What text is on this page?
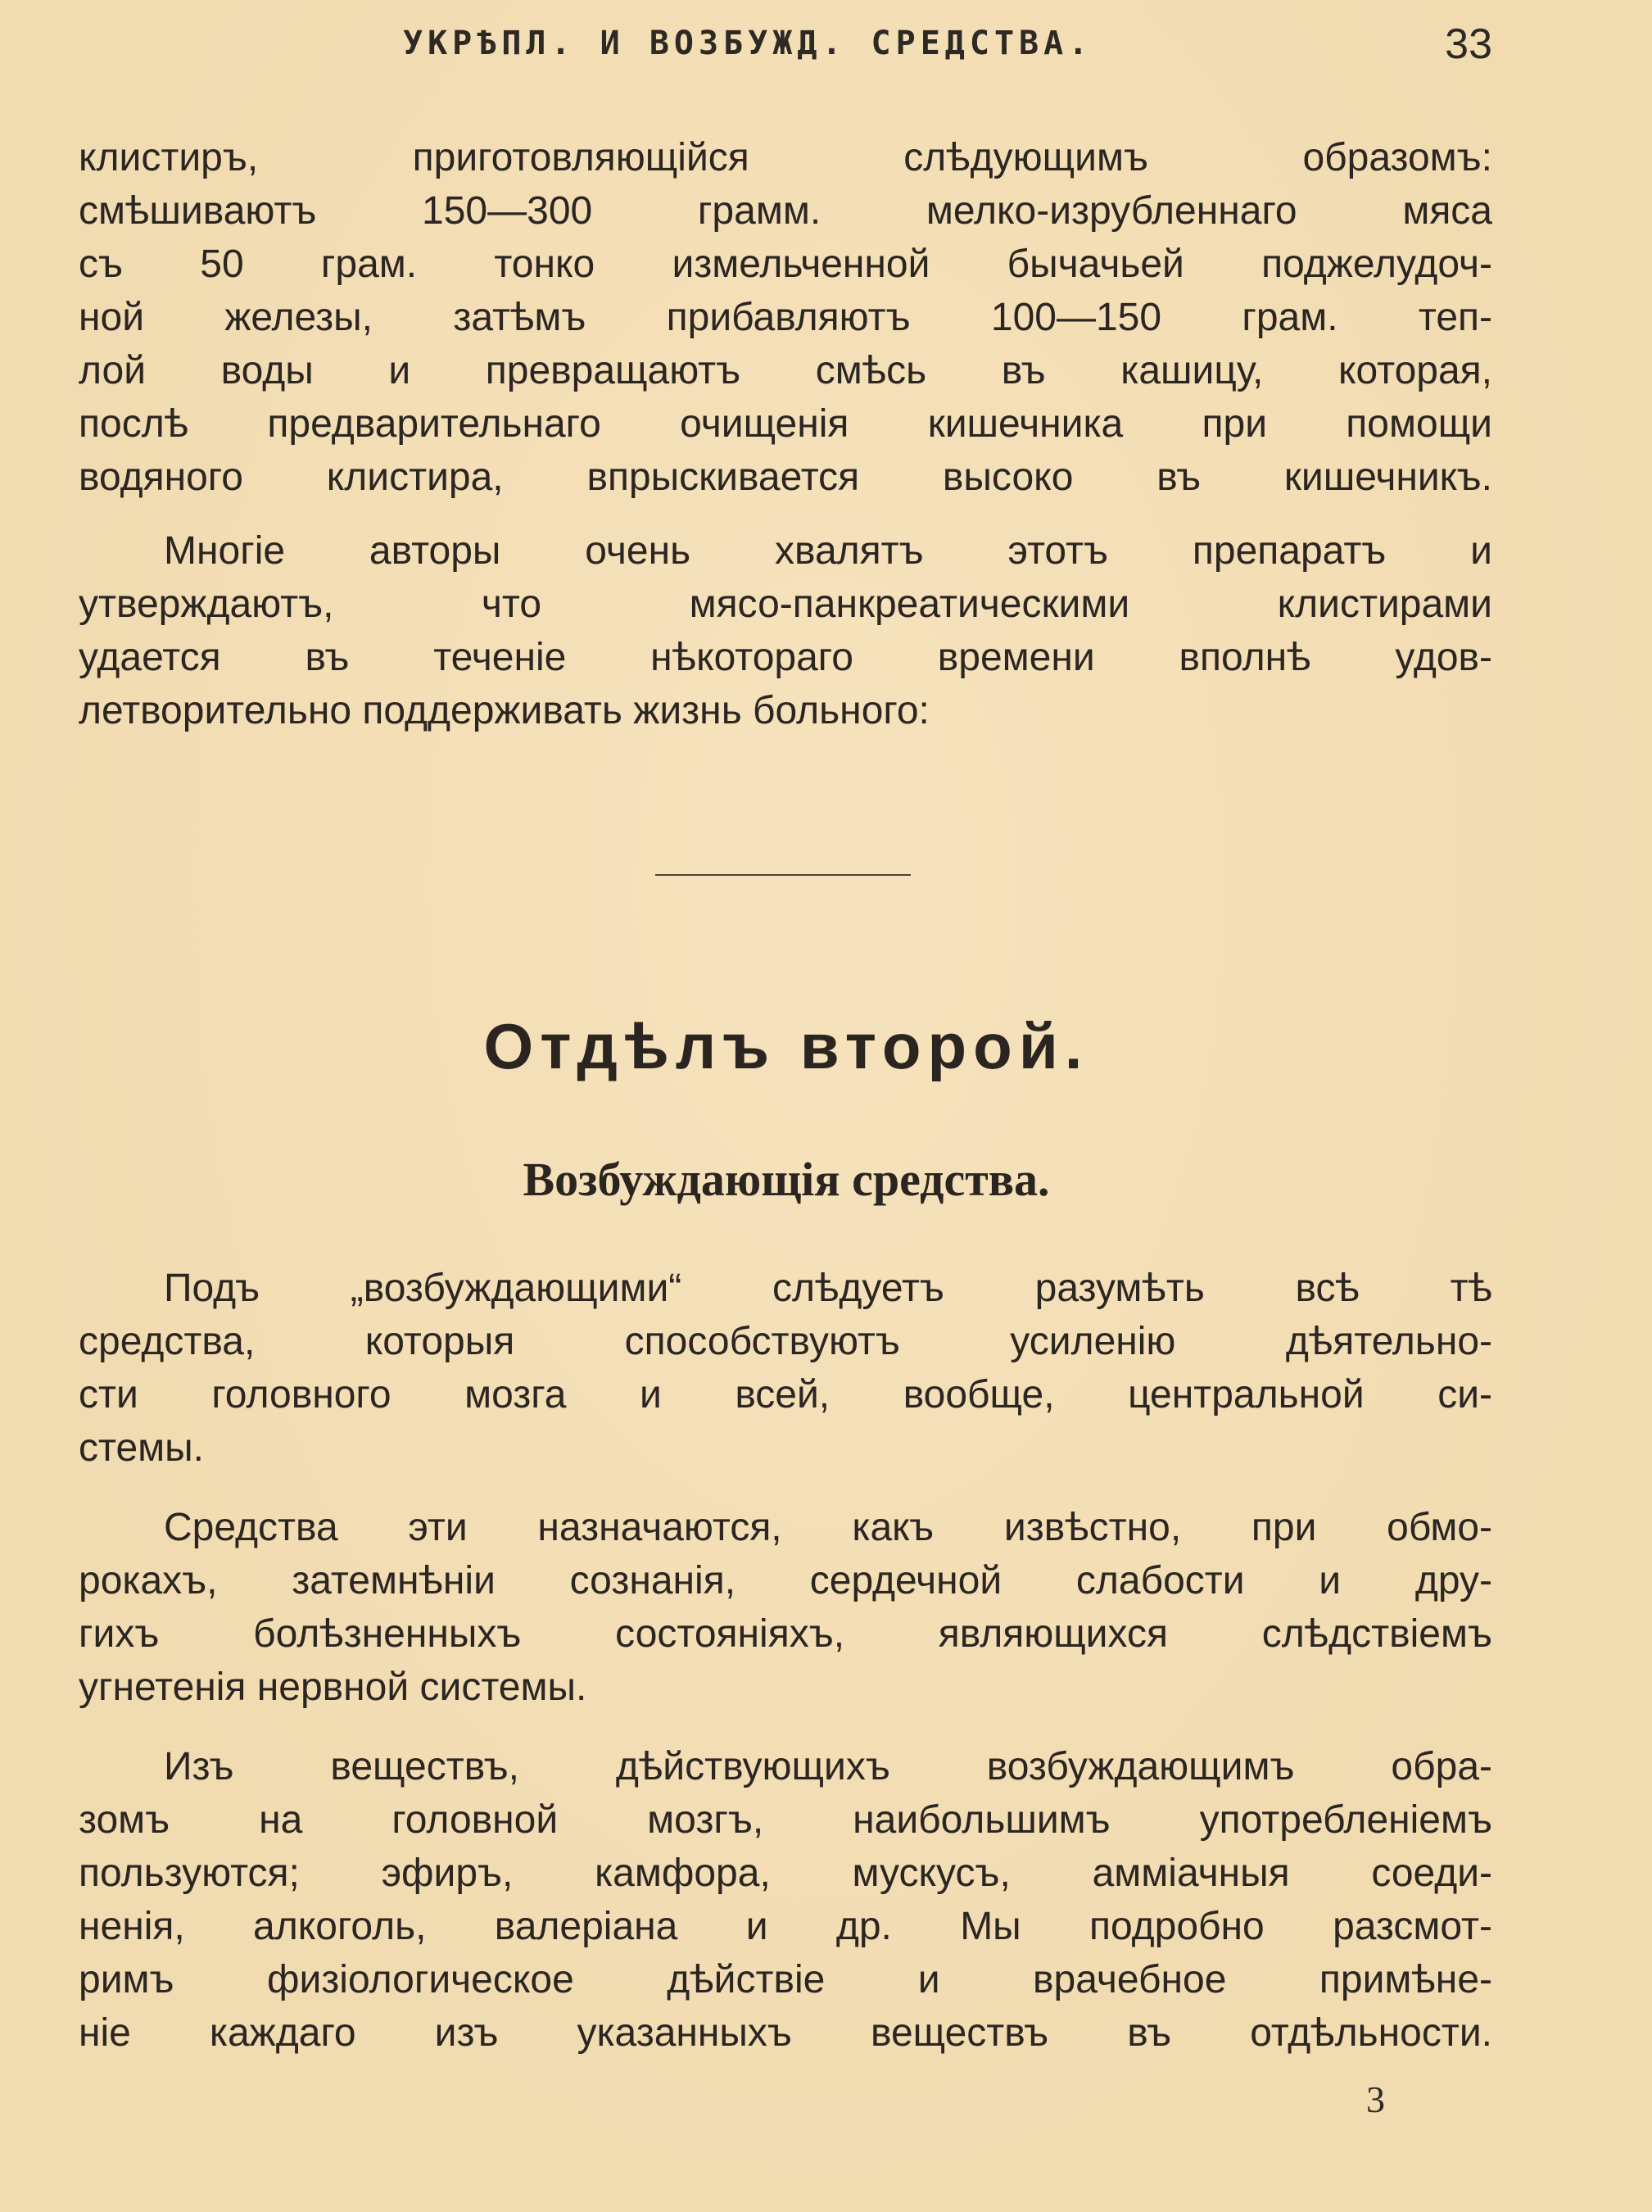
УКРѢПЛ. И ВОЗБУЖД. СРЕДСТВА.	33
клистиръ, приготовляющійся слѣдующимъ образомъ:
смѣшиваютъ 150—300 грамм. мелко-изрубленнаго мяса
съ 50 грам. тонко измельченной бычачьей поджелудоч-
ной железы, затѣмъ прибавляютъ 100—150 грам. теп-
лой воды и превращаютъ смѣсь въ кашицу, которая,
послѣ предварительнаго очищенія кишечника при помощи
водяного клистира, впрыскивается высоко въ кишечникъ.
Многіе авторы очень хвалятъ этотъ препаратъ и
утверждаютъ, что мясо-панкреатическими клистирами
удается въ теченіе нѣкотораго времени вполнѣ удов-
летворительно поддерживать жизнь больного:
Отдѣлъ второй.
Возбуждающія средства.
Подъ „возбуждающими“ слѣдуетъ разумѣть всѣ тѣ
средства, которыя способствуютъ усиленію дѣятельно-
сти головного мозга и всей, вообще, центральной си-
стемы.
Средства эти назначаются, какъ извѣстно, при обмо-
рокахъ, затемнѣніи сознанія, сердечной слабости и дру-
гихъ болѣзненныхъ состояніяхъ, являющихся слѣдствіемъ
угнетенія нервной системы.
Изъ веществъ, дѣйствующихъ возбуждающимъ обра-
зомъ на головной мозгъ, наибольшимъ употребленіемъ
пользуются; эфиръ, камфора, мускусъ, амміачныя соеди-
ненія, алкоголь, валеріана и др. Мы подробно разсмот-
римъ физіологическое дѣйствіе и врачебное примѣне-
ніе каждаго изъ указанныхъ веществъ въ отдѣльности.
3
